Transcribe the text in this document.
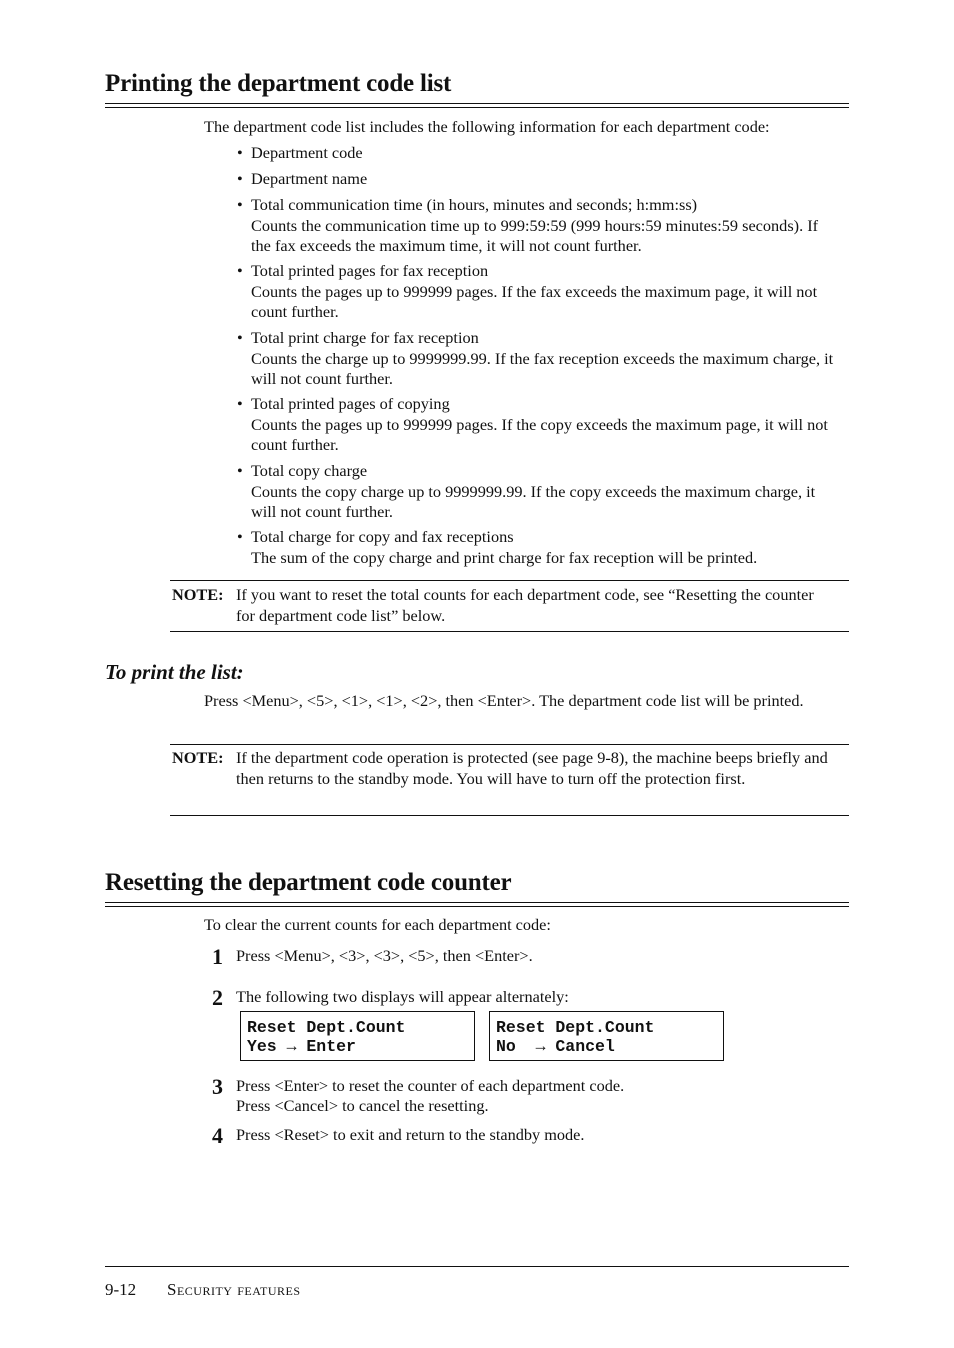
Printing the department code list
The department code list includes the following information for each department code:
• Department code
• Department name
• Total communication time (in hours, minutes and seconds; h:mm:ss)
Counts the communication time up to 999:59:59 (999 hours:59 minutes:59 seconds). If the fax exceeds the maximum time, it will not count further.
• Total printed pages for fax reception
Counts the pages up to 999999 pages. If the fax exceeds the maximum page, it will not count further.
• Total print charge for fax reception
Counts the charge up to 9999999.99. If the fax reception exceeds the maximum charge, it will not count further.
• Total printed pages of copying
Counts the pages up to 999999 pages. If the copy exceeds the maximum page, it will not count further.
• Total copy charge
Counts the copy charge up to 9999999.99. If the copy exceeds the maximum charge, it will not count further.
• Total charge for copy and fax receptions
The sum of the copy charge and print charge for fax reception will be printed.
NOTE: If you want to reset the total counts for each department code, see “Resetting the counter for department code list” below.
To print the list:
Press <Menu>, <5>, <1>, <1>, <2>, then <Enter>. The department code list will be printed.
NOTE: If the department code operation is protected (see page 9-8), the machine beeps briefly and then returns to the standby mode. You will have to turn off the protection first.
Resetting the department code counter
To clear the current counts for each department code:
1 Press <Menu>, <3>, <3>, <5>, then <Enter>.
2 The following two displays will appear alternately:
Reset Dept.Count
Yes → Enter
Reset Dept.Count
No  → Cancel
3 Press <Enter> to reset the counter of each department code.
Press <Cancel> to cancel the resetting.
4 Press <Reset> to exit and return to the standby mode.
9-12 Security features
